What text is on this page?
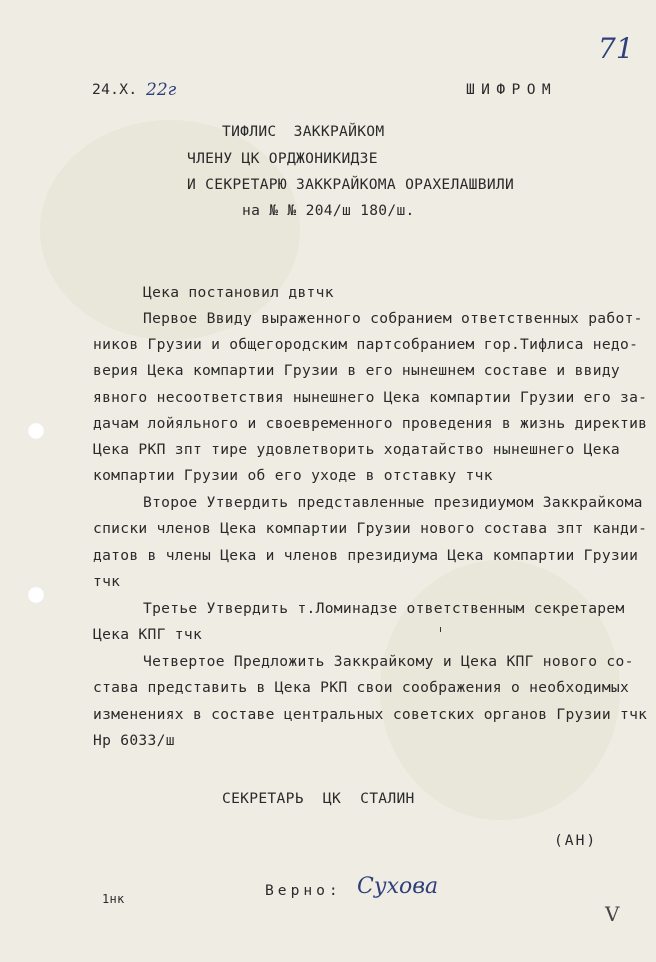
71
24.X. 22г	ШИФРОМ
ТИФЛИС ЗАККРАЙКОМ
ЧЛЕНУ ЦК ОРДЖОНИКИДЗЕ
И СЕКРЕТАРЮ ЗАККРАЙКОМА ОРАХЕЛАШВИЛИ
на № № 204/ш 180/ш.
Цека постановил двтчк
Первое Ввиду выраженного собранием ответственных работ-
ников Грузии и общегородским партсобранием гор.Тифлиса недо-
верия Цека компартии Грузии в его нынешнем составе и ввиду
явного несоответствия нынешнего Цека компартии Грузии его за-
дачам лойяльного и своевременного проведения в жизнь директив
Цека РКП зпт тире удовлетворить ходатайство нынешнего Цека
компартии Грузии об его уходе в отставку тчк
Второе Утвердить представленные президиумом Заккрайкома
списки членов Цека компартии Грузии нового состава зпт канди-
датов в члены Цека и членов президиума Цека компартии Грузии
тчк
Третье Утвердить т.Ломинадзе ответственным секретарем
Цека КПГ тчк
Четвертое Предложить Заккрайкому и Цека КПГ нового со-
става представить в Цека РКП свои соображения о необходимых
изменениях в составе центральных советских органов Грузии тчк
Нр 6033/ш
СЕКРЕТАРЬ ЦК СТАЛИН
(АН)
1нк	Верно: Сухова
V
